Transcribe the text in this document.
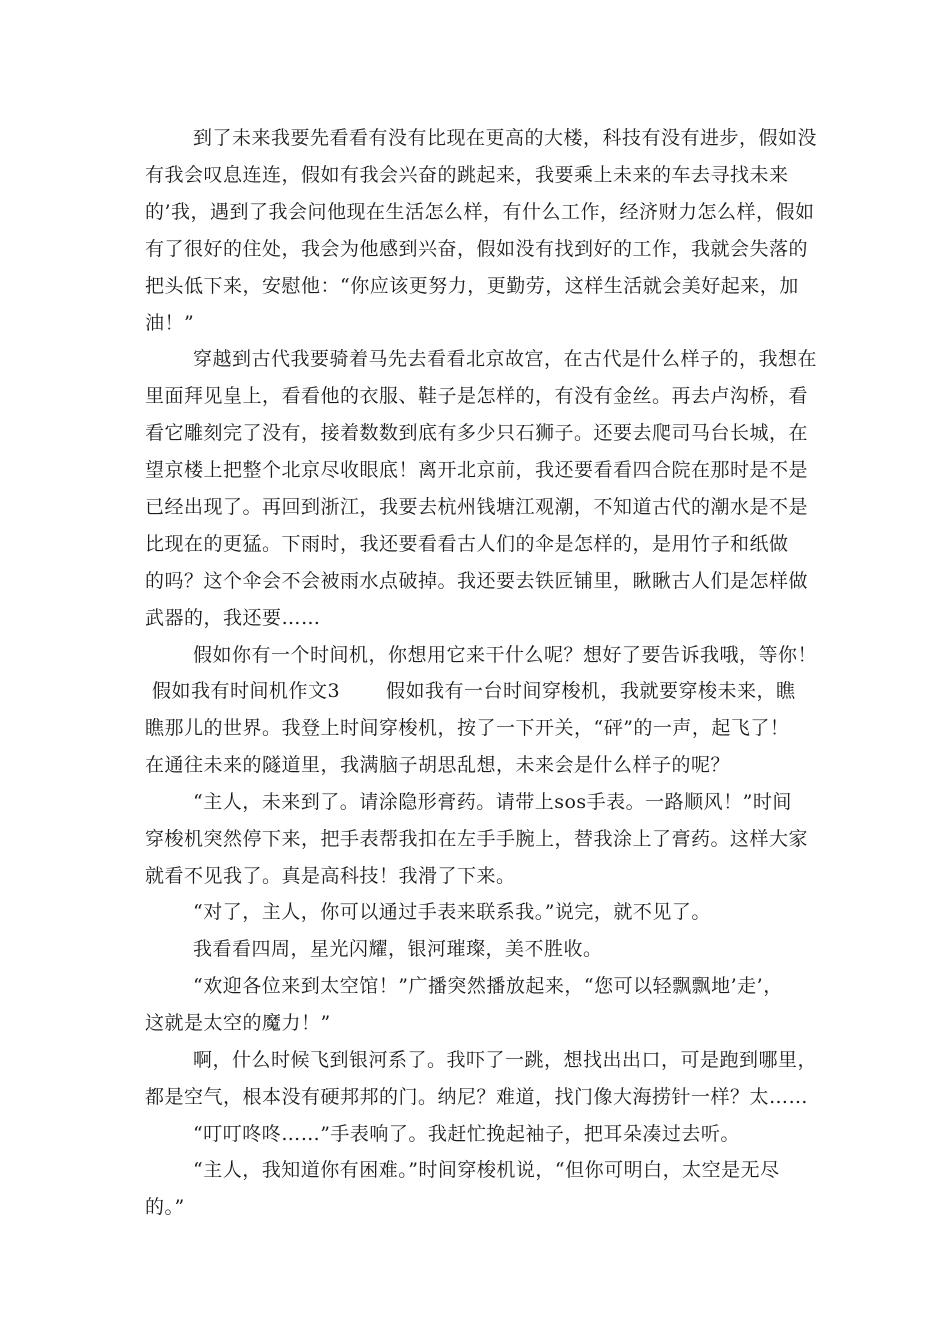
到了未来我要先看看有没有比现在更高的大楼，科技有没有进步，假如没
有我会叹息连连，假如有我会兴奋的跳起来，我要乘上未来的车去寻找未来
的’我，遇到了我会问他现在生活怎么样，有什么工作，经济财力怎么样，假如
有了很好的住处，我会为他感到兴奋，假如没有找到好的工作，我就会失落的
把头低下来，安慰他：“你应该更努力，更勤劳，这样生活就会美好起来，加
油！”
穿越到古代我要骑着马先去看看北京故宫，在古代是什么样子的，我想在
里面拜见皇上，看看他的衣服、鞋子是怎样的，有没有金丝。再去卢沟桥，看
看它雕刻完了没有，接着数数到底有多少只石狮子。还要去爬司马台长城，在
望京楼上把整个北京尽收眼底！离开北京前，我还要看看四合院在那时是不是
已经出现了。再回到浙江，我要去杭州钱塘江观潮，不知道古代的潮水是不是
比现在的更猛。下雨时，我还要看看古人们的伞是怎样的，是用竹子和纸做
的吗？这个伞会不会被雨水点破掉。我还要去铁匠铺里，瞅瞅古人们是怎样做
武器的，我还要……
假如你有一个时间机，你想用它来干什么呢？想好了要告诉我哦，等你！
假如我有时间机作文3 假如我有一台时间穿梭机，我就要穿梭未来，瞧
瞧那儿的世界。我登上时间穿梭机，按了一下开关，“砰”的一声，起飞了！
在通往未来的隧道里，我满脑子胡思乱想，未来会是什么样子的呢？
“主人，未来到了。请涂隐形膏药。请带上sos手表。一路顺风！”时间
穿梭机突然停下来，把手表帮我扣在左手手腕上，替我涂上了膏药。这样大家
就看不见我了。真是高科技！我滑了下来。
“对了，主人，你可以通过手表来联系我。”说完，就不见了。
我看看四周，星光闪耀，银河璀璨，美不胜收。
“欢迎各位来到太空馆！”广播突然播放起来，“您可以轻飘飘地’走’，
这就是太空的魔力！”
啊，什么时候飞到银河系了。我吓了一跳，想找出出口，可是跑到哪里，
都是空气，根本没有硬邦邦的门。纳尼？难道，找门像大海捞针一样？太……
“叮叮咚咚……”手表响了。我赶忙挽起袖子，把耳朵凑过去听。
“主人，我知道你有困难。”时间穿梭机说，“但你可明白，太空是无尽
的。”
